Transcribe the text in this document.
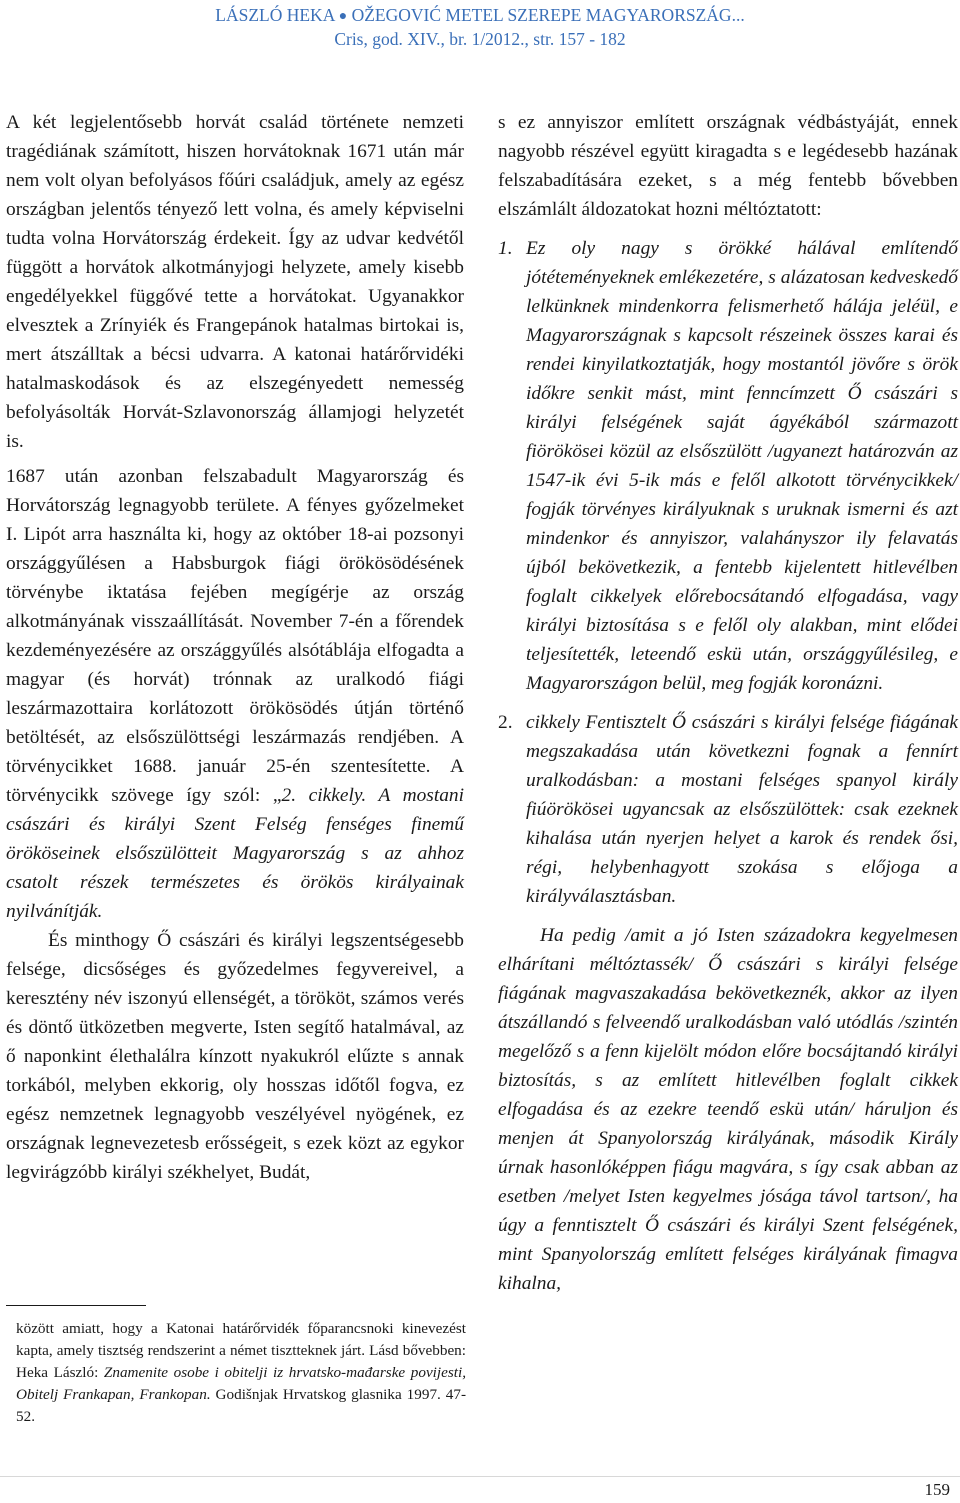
LÁSZLÓ HEKA ● OŽEGOVIĆ METEL SZEREPE MAGYARORSZÁG...
Cris, god. XIV., br. 1/2012., str. 157 - 182

A két legjelentősebb horvát család története nemzeti tragédiának számított, hiszen horvátoknak 1671 után már nem volt olyan befolyásos főúri családjuk, amely az egész országban jelentős tényező lett volna, és amely képviselni tudta volna Horvátország érdekeit. Így az udvar kedvétől függött a horvátok alkotmányjogi helyzete, amely kisebb engedélyekkel függővé tette a horvátokat. Ugyanakkor elvesztek a Zrínyiék és Frangepánok hatalmas birtokai is, mert átszálltak a bécsi udvarra. A katonai határőrvidéki hatalmaskodások és az elszegényedett nemesség befolyásolták Horvát-Szlavonország államjogi helyzetét is.

1687 után azonban felszabadult Magyarország és Horvátország legnagyobb területe. A fényes győzelmeket I. Lipót arra használta ki, hogy az október 18-ai pozsonyi országgyűlésen a Habsburgok fiági örökösödésének törvénybe iktatása fejében megígérje az ország alkotmányának visszaállítását. November 7-én a főrendek kezdeményezésére az országgyűlés alsótáblája elfogadta a magyar (és horvát) trónnak az uralkodó fiági leszármazottaira korlátozott örökösödés útján történő betöltését, az elsőszülöttségi leszármazás rendjében. A törvénycikket 1688. január 25-én szentesítette. A törvénycikk szövege így szól: „2. cikkely. A mostani császári és királyi Szent Felség fenséges finemű örököseinek elsőszülötteit Magyarország s az ahhoz csatolt részek természetes és örökös királyainak nyilvánítják.

És minthogy Ő császári és királyi legszentségesebb felsége, dicsőséges és győzedelmes fegyvereivel, a keresztény név iszonyú ellenségét, a törököt, számos verés és döntő ütközetben megverte, Isten segítő hatalmával, az ő naponkint élethalálra kínzott nyakukról elűzte s annak torkából, melyben ekkorig, oly hosszas időtől fogva, ez egész nemzetnek legnagyobb veszélyével nyögének, ez országnak legnevezetesb erősségeit, s ezek közt az egykor legvirágzóbb királyi székhelyet, Budát,

között amiatt, hogy a Katonai határőrvidék főparancsnoki kinevezést kapta, amely tisztség rendszerint a német tisztteknek járt. Lásd bővebben: Heka László: Znamenite osobe i obitelji iz hrvatsko-mađarske povijesti, Obitelj Frankapan, Frankopan. Godišnjak Hrvatskog glasnika 1997. 47-52.

s ez annyiszor említett országnak védbástyáját, ennek nagyobb részével együtt kiragadta s e legédesebb hazának felszabadítására ezeket, s a még fentebb bővebben elszámlált áldozatokat hozni méltóztatott:

1. Ez oly nagy s örökké hálával említendő jótéteményeknek emlékezetére, s alázatosan kedveskedő lelkünknek mindenkorra felismerhető hálája jeléül, e Magyarországnak s kapcsolt részeinek összes karai és rendei kinyilatkoztatják, hogy mostantól jövőre s örök időkre senkit mást, mint fenncímzett Ő császári s királyi felségének saját ágyékából származott fiörökösei közül az elsőszülött /ugyanezt határozván az 1547-ik évi 5-ik más e felől alkotott törvénycikkek/ fogják törvényes királyuknak s uruknak ismerni és azt mindenkor és annyiszor, valahányszor ily felavatás újból bekövetkezik, a fentebb kijelentett hitlevélben foglalt cikkelyek előrebocsátandó elfogadása, vagy királyi biztosítása s e felől oly alakban, mint elődei teljesítették, leteendő eskü után, országgyűlésileg, e Magyarországon belül, meg fogják koronázni.
2. cikkely Fentisztelt Ő császári s királyi felsége fiágának megszakadása után következni fognak a fennírt uralkodásban: a mostani felséges spanyol király fiúörökösei ugyancsak az elsőszülöttek: csak ezeknek kihalása után nyerjen helyet a karok és rendek ősi, régi, helybenhagyott szokása s előjoga a királyválasztásban.

Ha pedig /amit a jó Isten századokra kegyelmesen elhárítani méltóztassék/ Ő császári s királyi felsége fiágának magvaszakadása bekövetkeznék, akkor az ilyen átszállandó s felveendő uralkodásban való utódlás /szintén megelőző s a fenn kijelölt módon előre bocsájtandó királyi biztosítás, s az említett hitlevélben foglalt cikkek elfogadása és az ezekre teendő eskü után/ háruljon és menjen át Spanyolország királyának, második Király úrnak hasonlóképpen fiágu magvára, s így csak abban az esetben /melyet Isten kegyelmes jósága távol tartson/, ha úgy a fenntisztelt Ő császári és királyi Szent felségének, mint Spanyolország említett felséges királyának fimagva kihalna,

159
